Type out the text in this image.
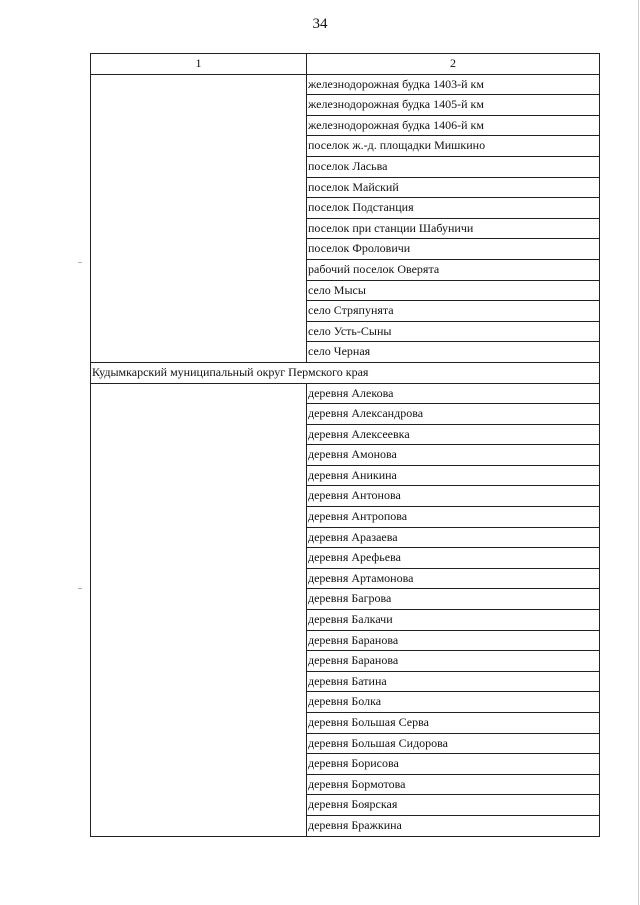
34
1	2
	железнодорожная будка 1403-й км
	железнодорожная будка 1405-й км
	железнодорожная будка 1406-й км
	поселок ж.-д. площадки Мишкино
	поселок Ласьва
	поселок Майский
	поселок Подстанция
	поселок при станции Шабуничи
	поселок Фроловичи
	рабочий поселок Оверята
	село Мысы
	село Стряпунята
	село Усть-Сыны
	село Черная
Кудымкарский муниципальный округ Пермского края	
	деревня Алекова
	деревня Александрова
	деревня Алексеевка
	деревня Амонова
	деревня Аникина
	деревня Антонова
	деревня Антропова
	деревня Аразаева
	деревня Арефьева
	деревня Артамонова
	деревня Багрова
	деревня Балкачи
	деревня Баранова
	деревня Баранова
	деревня Батина
	деревня Болка
	деревня Большая Серва
	деревня Большая Сидорова
	деревня Борисова
	деревня Бормотова
	деревня Боярская
	деревня Бражкина
